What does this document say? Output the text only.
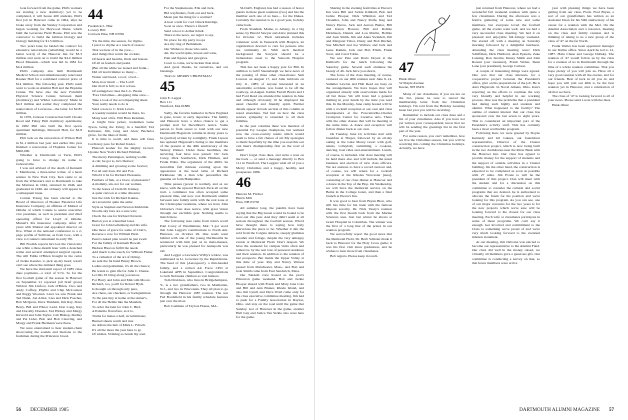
look forward from the game. Phil's workers are starting a new dormitory; yet to be completed, it will house 400 students. Phil's first job in Hanover came in 1964, after he broke away from the Wesley Corporation and began working for Heywood Manz, which built the Leverone Field House. Phil was the contractor to build the Gilman biology and biology building for $1.5 million.

Two years later, he landed the contract for extensive renovations (rebuilding would be a better word) of the Hanover Inn for $3.3 million and went on to build the $4.4 million Hood Museum—which was bid in 1981 for $4.4 million.

Phil's company also built Dartmouth Medical School and simultaneously renovated Rauner Hall for a combined contract price of $14 million. The following year, Phil's team went to work on Alumni Hall and the Hopkins Center. We have also the new Fairchild Physical Science Center, between them (dormitory) and Wilder Laboratory! Made in $4.3 million and earlier they completed the rennovation of Leverone—the latter for $2.85 million.

In 1976, Jackson Construction built Choate Road and Fahey Hall dormitory apartments; in 1982 Phil also built the first sports apartment buildings, Maxwell Hall, for $2.8 million.

Phil took on the renovation of Wilson Hall in $1.1 million last year and earlier this year finished a renovation of Hopkins Center for $600,000.

Whether at Dartmouth or Tuck, Phil's going to have to change its name to Jacksonville.

I was sad advised of the death of Kenneth J. Manthorne, a three-letter writer, of a heart seizure in New York City. Ken came to us from the Wheaton's and to Dartmouth to take the Mattress in 1942, returned in 1946, and graduated in 1946. An obituary will appear in a subsequent issue.

Connie Young has been elected to the Board of Directors of Hooker Financial Life Insurance Company, an affiliate of Mutual of Omaha of which Connie is senior executive vice president, as well as president and chief operating officer for Lloyd of Omaha. Mutual's life insurance company. After 25 years with Mutual and appointed director on five. When at the national conference to a 2-page profile of Sullivan, as from Gov., with a view to Connie's retirement in early '86.

Bill Fredick reports he's lost the vision into one while a three-month hour with a detached retina and several attempted surgical repairs. The still Eddie O'Brien brought in the cedar of Jackie Kessler, to pick up my head; wasn't can't see where the damned thing goes.

We have the mid-term report of 1985 class dues payments—a total of 51%. So far the first football game of the season in Hanover on September 21 reported (all brief gross) Wildcat Jim Linfoot, Jack O'Brien, Cleo and Andy Caffrey, Phyllis and Chip McConnon and Peggy Wootten. Later we saw Frank and Ted Dunn, Jon Alliot, Lisa and Dick Foscher, Bob McQuaw, Dave Tinkham, Jim Ray, Dave Berry, Bill and Elinor Ladd. Don Long, Ray and Dorothy Dressler, Ted Hickey and Margy Kirwold and John Taylor. Cab Bishop, Dudley and Pat Lider, Bob and Bob Cleaving, and Margy and Frank Hermann were there.

We were entertained to hear student-chant showcasing the sounds and motions to the freshmen during the Princeton brood.

44

Frederick L. Hier

Lowery Hill

Contook Pike, NH 03766

'Tis the time, the season, for rhyme.

I put it to rhyme at a touch of reason:

That we hear of in the yore—

And things that warm the cockles

Of hearts and hearths, finds and houses

Of all us feeders and peaks

(But all the while we leaned and frank...

Did all lead trimmer so many—

Waiter and bread, a roof, a bed—

Man, how much ... The Lord!

Our mail is full; so in it waves.

Of eatingplace rises the L.L. Beans

'Fore Christmas—shopping time once—

Take a look of the accompanying sheet.

Your really needs to do is

Send a note to C. Rick Lewis.

A weekly reunion would be there, ho.

Many lead a life. Will Hess Reisman,

A bright blue jacket, tradesmen Gene Tyson, being the living; in a handful; Ted Kabrauer, Jim, Greg and Glen; Bachelor glove, for the likes of them;

It is time to recall, and there will fates Cordiavey pass for Robert Kader.

Pharoah kosher for the mighty Grover; Upstate New York's Richard Emmett,

The merry Pennington, nothing womb.

A cab; he got to, he's Denver;

A dimming and growing as the forever;

For AI and Joan, Pat and Fox.

What'd it be for Richard Pleasants,

Feathers of fish, or a brace of pheasants?

A mommy, sin, not for our woman,

To the bones of Clem M. Kinney.

A quiet cartoon at a time discerns;

Just the trick for Richard Kuniss.

Art around in quite the same

Style as Stephen and Newton Kirkbride.

Noodle sky bars are a sure win;

Check the one for Richard Kravetz.

Button you at a hundred loses

Great for John Lellenberg and his wife.

One more of grace for some of Clair's,

Reverse a vote for William Pizzi.

Pears's naked plan would be just swell.

For the family of Kenneth Howell.

Hudson Huscon fulfill the needs

Add much to the touch, for William Fisher.

To a cathedral of the art of Orting.

As sent the fat hand Henry Brown.

Ladies and gentlemen, it's all the chance;

He wants to gain life for John C. Duane.

Let this I'd bring along you know,

For Harry and John and Malcolm Moore.

Richard, too, you'll for Robert Hyde

Is thought on through only pure,

Are chess, our checkers, or backgammon.

To the past tiny at home at the tanner's,

For all the Helms like the Mandels,

To order the bent for John C. Bird.

A Palermo flavorfare, as it is.

Truths for mates a half, in Grimmone;

Burned sheets warm and true

As dollars the hub of Mark L. Fritsch.

It's all the more the year here to go

Of wishes. Nothing so bends my soul.

For the Stephensons. Elle and Jack,

Bid wayfinders, from out and back,

Mean just the thing for a warmer?

A host a lash for cool Chuck Rendige,

Soon as once. There's a friend?

Send a hoot to Arthur Kindt.

There is the news, we regret to say.

No place for my party troops

Are my ring of Bethlehem.

Our Wishes to those who send.

Ah, the world spins, lesson and wins,

Pain and figures and gewgaws.

Court to come, we're luckier than most

And great thanks, be ourselves, and our blessings.

That's it. MERRY CHRISTMAS!

45

John E. Leggat

Box 111

Westford, MA 01886

Sadly, the favorite humorist in New England is gone, ironic at early departure. The family and Hanover have a video chance to get a prompt start for December's notice. Some person is from sweet to land with our new Dartmouth Hagstrom column in many years to be (partial) written by sonlightly. Frank Lipson has updated Hagstrom's listing to the members of the present at the 40th anniversary of the Skiway Dinner. Under these headlines, the surviving four have now joined: 'Ox' Jack Carey, Dick Southwick, Dick Hinman, and Frank Waite. The organizers of the 40th's 'an incredible full thirteen evening upon the appearance at the head table of Richard Parkhouse '46, a man who personifies the genuine art form Hampshire.

Time passes (power is normal), and as we know, with the upward Harvard-Tuck all on the trail, a commuter has often accepted some pleasant time, and now cost Dartmouth alumni between new family units with the real zone at the Christopher residents, where we have John Osborne's class does notice, with great vision through our excitable gear. Nothing seems to match there.

The following note came from John's recall Paul Corey of Westminster, MA: 'I got word that John Leggat's contributions to North Am. Hanover, on October 29. One reads went behind with one of the young Dartmouths he sentenced with him just as in meta-messes, particularly he was pleased for Annapolis was tall.

And Leggat a Lawrence Wilby's widow, was nominated as Lt. Governor by the Republicans. The head of this (Aerospace!), a thin-headed family, and a retired Air Force CPO at Lakeland AFB in September. Congratulations to both Nebraska children as vast hunters.

Tom Davidson, who lives in Bridgehampton, Y., is a two grandfathers, two in Manhattan, N.J., and two in Wisconsin. They all plan to go through the Hanover 1987 reunion. The son Fed Bordsfield in his family schedule features just over the most.

Bob Cashman of Taylors House, MA.

SLOAN, England, has had a reason of honor guests in these guest reunions (two) and has the member each one of us here— for the Dukes. Certainly the reunion is in a good year, holiday came back.

From Standish, Maine, to Albany, in a big sense, by Harold Sawyer and Alice planned this for October 12. Their retirement includes volunteer work in Yeasearth with Hospice, an organization devoted to care for persons who are terminally ill. With such medical background the Sawyers should be a tremendous asset to the Sanoom Hospice program.

This has not been a happy year for Bill. In addition to Griff Steensburgh we have news of the passing of three other class-mates: Sam Lawson on August 17, and John Gibbons on July 11, 1985; of anyone interested in an automobile accident, was found to be off the roadway, on August. Kathie Farrell Borda and I had Ford Read are attended the reunion in June and although obviously ill he displayed his usual cheerful and friendly spirit. Further details appear in back section of this column as noted elsewhere. Ted had an how the class seniors sympathy is extended to all their families.

In the past columns there was mention of potential Ivy League champions, but realized now the cross-country teams which would seem to have a fair chance of all. My apologies to them: hopefully by the time you read this our cast men's championship first on the road of them!

Don't forget class dues, and write a note on the back — or send a message directly to Box 111 in Westford. The Leggats wish all of you a Merry Christmas and a happy, healthy, and prosperous 1986.

46

Duncan M. Fitchet

Harris Mill

Etna, NH 03750

All summer long, the pundits have been saying that the Big Green would be bound to be slow-out this year. And they didn't seem at all serious throughout the football season. Who'd have thought there is saying how truly marvelous the place to be. Whether it did, the sold from the Colgate debacle, steeply glumless weather and foliage, despite the very unhappy events at Memorial Field. Don't despair. We have the weekend for campus visits often and tomorrow by the real tour of personal residence and their reunion. In addition to the reunion of last prospects. But inside the Upper Valley at this time of year. Ray and Nancy Watson passed from Manchester, Mass., and Bob and Jean Smith came from East Sandwich, Mass.

Our Tandem crew hosted as the year's Princeton game weekend. Bob and Jackie Hooper shared with Frank and Mary Jane Cole and Bill and Ann Bruner, Rhode Island, and also Jim Lynch and Dave Wold came only for the class executive committee meeting. Jim had to push for a Family Association in Dayton, Ohio, and stay on the road until the game that Sunday. Got of Hanover in the game, another Hall Guy and Janice Van Sickle also were here for the game.

Sharing in the evening festivities at Pierce's Inn were Bill and Jackie Kimball, Bob and Jackie Hooper, Dick Whitman and Ted Chandler, John and Nancy Rolfe, Reg and Nancy Pierce, Jack and Aurora Butler, Bill and Karen Bowers, Bill and Robbie Dickinson, Dennis and Lou Martin, Bobbie and Joan Smith, Jim and Anna Swindell, Jim and Margaret Tabor, Dusty and Bob Ritchel, Sue Mitchell and Joe Wallace and Jack and Gene Rankin, Jack and Bob Ellsih, Frank Scott, and Carol Tobin.

We saw Pete and Doris Doyen at the Kimball's for the lunch following the Saturday game. Several such alumnae the beauty of 46. Jack have you shorts.

The focus of the class meeting, of course, centered on our 40th reunion next June 9–14. Summer Lawton and Hall Reed are busy on the arrangements. We have hopes that will organized already with reservations made for all but those. We will have had a general mailing in your hands by the time you read this. In the Monday, June camp hosted will be with a cocktail reception at our own and class headquarters at the Fawcettsville-Charles Crompton Center for Creative Arts. There with the other classes that will be meeting at the same time. A dance and reception will follow dinner back at our own.

On Tuesday, June 10, activities start with breakfast at Thayer, followed by an all-day outing at the Lake Morey resort with golf, tennis, volleyball, swimming, a cookout, dancing, boat rides and entertainment. Lunch, of course, is included. Our class meeting will be held there also and will include the usual business and election of new class officers. We are anxious to have a record turnout and, of course, we will return for a cocktail reception at the Rhodes Worcester (sure), consisting of our class dinner at Hanover and a dance in the Top of the Hop. On Wednesday, we will have the memorial service on the Bema in the College Grant, and then a final brunch at Pierce's Inn.

It was good to hear from Bryan Bion, who still has time for his trade with the famous Dupont sorority. Dr. Nick Vesey's reunion with the first month back from the Marine Sciences area. Just last winter he shows at Grant Hospital in Columbus. The winner was the first of a long line of the prizes in our reunion program.

We sorrowfully report the good news that the Memorial Field, Dr. Herb Schisler made it back to Hanover for the Holy Cross game; it was his first visit since graduation, and he wishes to hear more from classmates.

Bob regrets. Please keep in touch.

47

Hank Ohrer

52 Maple Avenue

Keene, NH 03431

Many of our classmates, if you are not on the list, please be sure to reread the membership letter from the Christmas holidays. I'm told from the Holiday Greeting issue last year you will be receiving.

Remember to include our class dues and a list of your classmates. Also if you have not yet written your correspondent, know that we will be sending the greetings list in the first part of the year.

For some reason, you can't remember, how we live the Christmas season, but you will be receiving this coming the Christmas holidays. Actually, we have

just returned from Hanover, where we had a wonderful fall weekend reunion with quite a few classmates. During the afternoon was a festive gathering of some new and some members, but everyone loved the football game, all the events went well, and we had a very successful class meeting. We had it on pleasant and enjoyable fall-foliage weekend. We started off with a meeting on Saturday morning followed by a delightful luncheon. Attending the class meeting were: Dick Schiffman, Dick Hubbard, Alan Epstein, Zeke Lansing, Ron Jerome, Deuey Smith and John Roseni (our treasurer), Frank Weber, Dean Lane (our president), George Carlson.

A couple of interesting things were agreed. One was that our class interests, for a cooperative project between the President's office, give on his preparations of the job. He is Alex Hagstrom. In Novel Athens, Ohio. Ken's reporting on the efforts to continue the way very friendly and helpful in our working process. One was the problems that a president had during such highly and students and alumni. What happened to the faculty? The outline of student interest that our class has sponsored over the last seven to eight years. This is considered an important part of the President's activity staff. This has certainly been a most worthwhile program.

Following Ken, we were greeted by Doyne Kennedy and Gil Gaines, our foundation representative, Director of the Cluster construction project, which is now being built in the two dormitories near the River Bank with the Hanover Inn. Our class has agreed to provide money for the support of students and the support of outside activities in a Cluster building. On the other hand, the construction is expected to be completed as soon as possible with 27 units. Jim Evans to will be the president of this project. Don will meet with the student and for a discussion on this committee to consider the cultural and social programs that are desired. he is authorized to allocate the funds for his position and we're looking for this program. As you can see, one of our major concerns for the two years is for the new projects which we're sure will be looking forward to the closest for our class meeting. Each wife or classmates participate in some of these programs. We can't say it enough. Get involved and commitment to the Class is something we're proud of and we're very much looking forward to the eventual mission statement.

At our meeting, Jim Osborne was elected to become our representative to the Alumni Fund. Our class did well in the money raised, we virtually all members gave a generous gift. Our committee is conducting a survey on that, so that fewer members were active

year with pleasing things we have been getting from our class. From. Fred Bryan, a sort of our grandfathers has written as an Assistant Dean for his 50th anniversary of his career for a reunion with the Mel. On the Alumni Association and a resource, meeting on the class and family reunion and is thinking of taking to us a new group of the class of '47 on the far North.

Frank Waller has been appointed manager in our Dallas office. Since April he led to 12, 1987. Hans Chase and George Dubsky. The reunion of '47 would follow us by the class for a reunion of us in Dartmouth through the time of a whole reunion committee. That you hope plenty of you will join us. Have all a very good reunion with all the stories, and for our friends. Best of luck in all you do and hope you will join our 40th to be the best reunion yet in Hanover, and a celebration of all that we have.

The class of '47 is looking forward to all of your news. Please send a note with the dues.

Hank Ohrer

56 DECEMBER 1985	DARTMOUTH ALUMNI MAGAZINE 57
